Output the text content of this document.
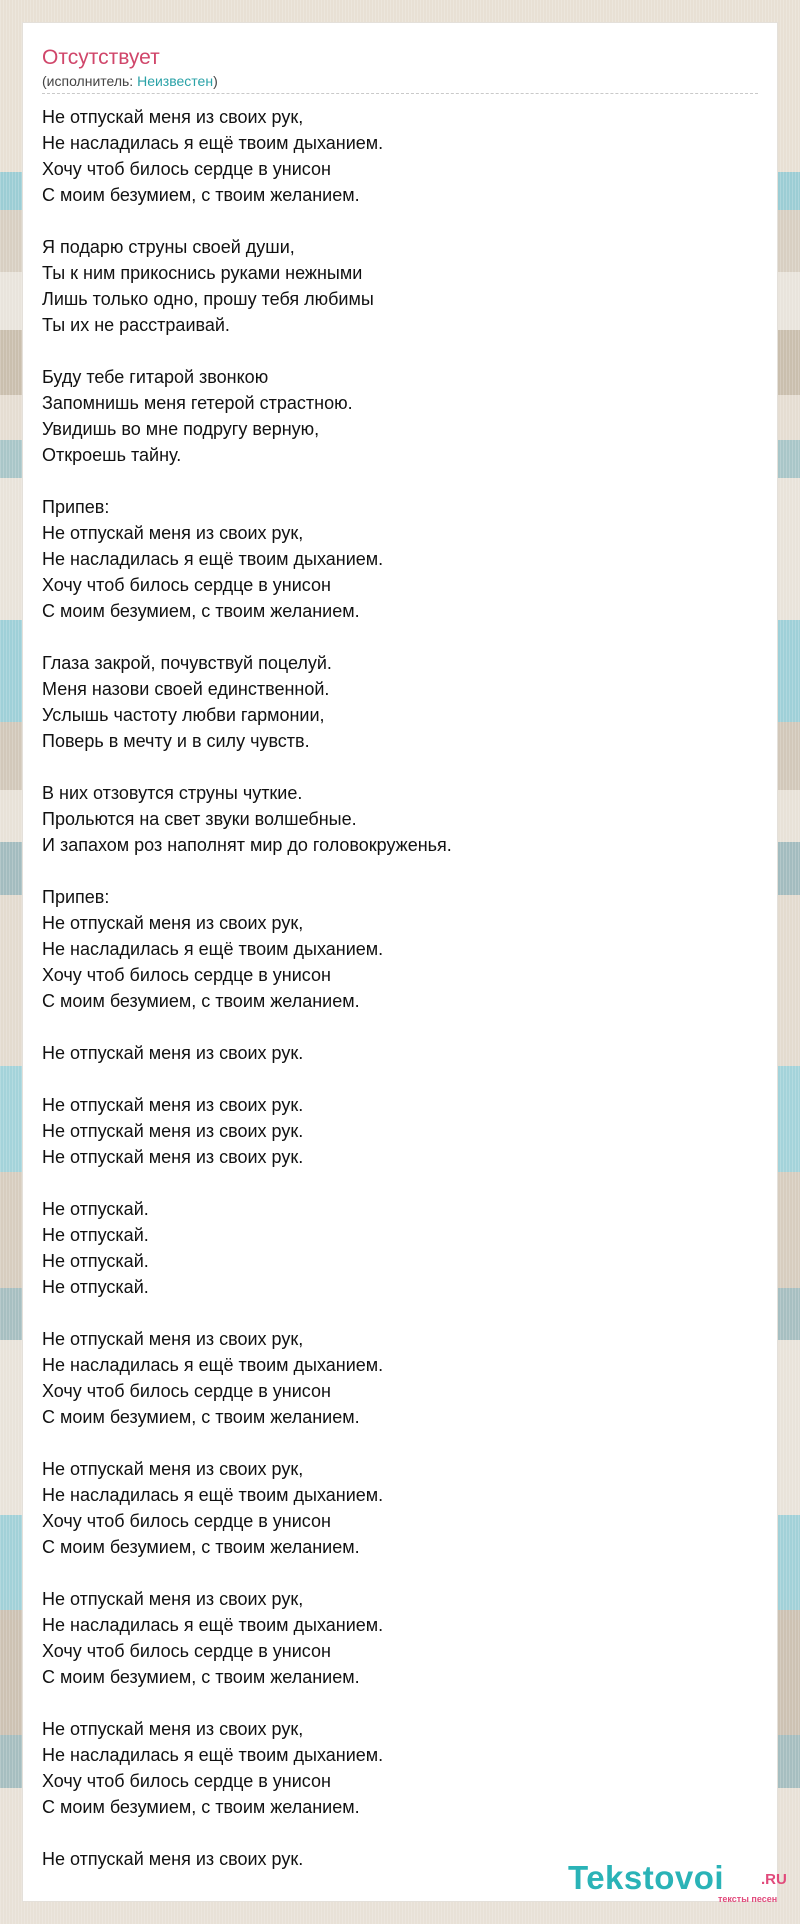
Отсутствует

(исполнитель: Неизвестен)

Не отпускай меня из своих рук,
Не насладилась я ещё твоим дыханием.
Хочу чтоб билось сердце в унисон
С моим безумием, с твоим желанием.

Я подарю струны своей души,
Ты к ним прикоснись руками нежными
Лишь только одно, прошу тебя любимы
Ты их не расстраивай.

Буду тебе гитарой звонкою
Запомнишь меня гетерой страстною.
Увидишь во мне подругу верную,
Откроешь тайну.

Припев:
Не отпускай меня из своих рук,
Не насладилась я ещё твоим дыханием.
Хочу чтоб билось сердце в унисон
С моим безумием, с твоим желанием.

Глаза закрой, почувствуй поцелуй.
Меня назови своей единственной.
Услышь частоту любви гармонии,
Поверь в мечту и в силу чувств.

В них отзовутся струны чуткие.
Прольются на свет звуки волшебные.
И запахом роз наполнят мир до головокруженья.

Припев:
Не отпускай меня из своих рук,
Не насладилась я ещё твоим дыханием.
Хочу чтоб билось сердце в унисон
С моим безумием, с твоим желанием.

Не отпускай меня из своих рук.

Не отпускай меня из своих рук.
Не отпускай меня из своих рук.
Не отпускай меня из своих рук.

Не отпускай.
Не отпускай.
Не отпускай.
Не отпускай.

Не отпускай меня из своих рук,
Не насладилась я ещё твоим дыханием.
Хочу чтоб билось сердце в унисон
С моим безумием, с твоим желанием.

Не отпускай меня из своих рук,
Не насладилась я ещё твоим дыханием.
Хочу чтоб билось сердце в унисон
С моим безумием, с твоим желанием.

Не отпускай меня из своих рук,
Не насладилась я ещё твоим дыханием.
Хочу чтоб билось сердце в унисон
С моим безумием, с твоим желанием.

Не отпускай меня из своих рук,
Не насладилась я ещё твоим дыханием.
Хочу чтоб билось сердце в унисон
С моим безумием, с твоим желанием.

Не отпускай меня из своих рук.	Tekstovoi .RU
тексты песен
